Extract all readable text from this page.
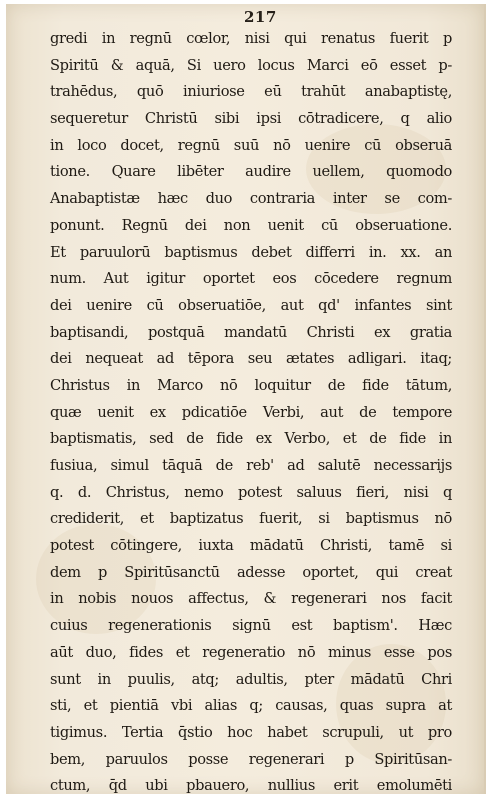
217

gredi in regnū cœlor, nisi qui renatus fuerit p

Spiritū & aquā, Si uero locus Marci eō esset p-

trahēdus, quō iniuriose eū trahūt anabaptistę,

sequeretur Christū sibi ipsi cōtradicere, q alio

in loco docet, regnū suū nō uenire cū obseruā

tione. Quare libēter audire uellem, quomodo

Anabaptistæ hæc duo contraria inter se com-

ponunt. Regnū dei non uenit cū obseruatione.

Et paruulorū baptismus debet differri in. xx. an

num. Aut igitur oportet eos cōcedere regnum

dei uenire cū obseruatiōe, aut qd' infantes sint

baptisandi, postquā mandatū Christi ex gratia

dei nequeat ad tēpora seu ætates adligari. itaq;

Christus in Marco nō loquitur de fide tātum,

quæ uenit ex pdicatiōe Verbi, aut de tempore

baptismatis, sed de fide ex Verbo, et de fide in

fusiua, simul tāquā de reb' ad salutē necessarijs

q. d. Christus, nemo potest saluus fieri, nisi q

crediderit, et baptizatus fuerit, si baptismus nō

potest cōtingere, iuxta mādatū Christi, tamē si

dem p Spiritūsanctū adesse oportet, qui creat

in nobis nouos affectus, & regenerari nos facit

cuius regenerationis signū est baptism'. Hæc

aūt duo, fides et regeneratio nō minus esse pos

sunt in puulis, atq; adultis, pter mādatū Chri

sti, et pientiā vbi alias q; causas, quas supra at

tigimus. Tertia q̄stio hoc habet scrupuli, ut pro

bem, paruulos posse regenerari p Spiritūsan-

ctum, q̄d ubi pbauero, nullius erit emolumēti
